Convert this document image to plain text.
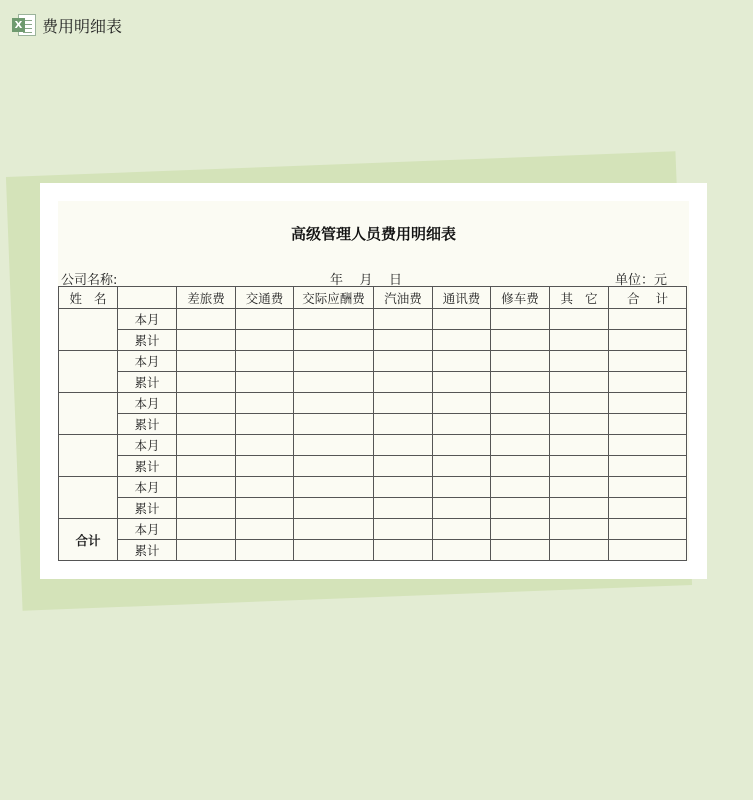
X 费用明细表
高级管理人员费用明细表
公司名称:	年    月    日	单位：元
姓   名		差旅费	交通费	交际应酬费	汽油费	通讯费	修车费	其   它	合    计
	本月								
	累计								
	本月								
	累计								
	本月								
	累计								
	本月								
	累计								
	本月								
	累计								
合计	本月								
	累计								
